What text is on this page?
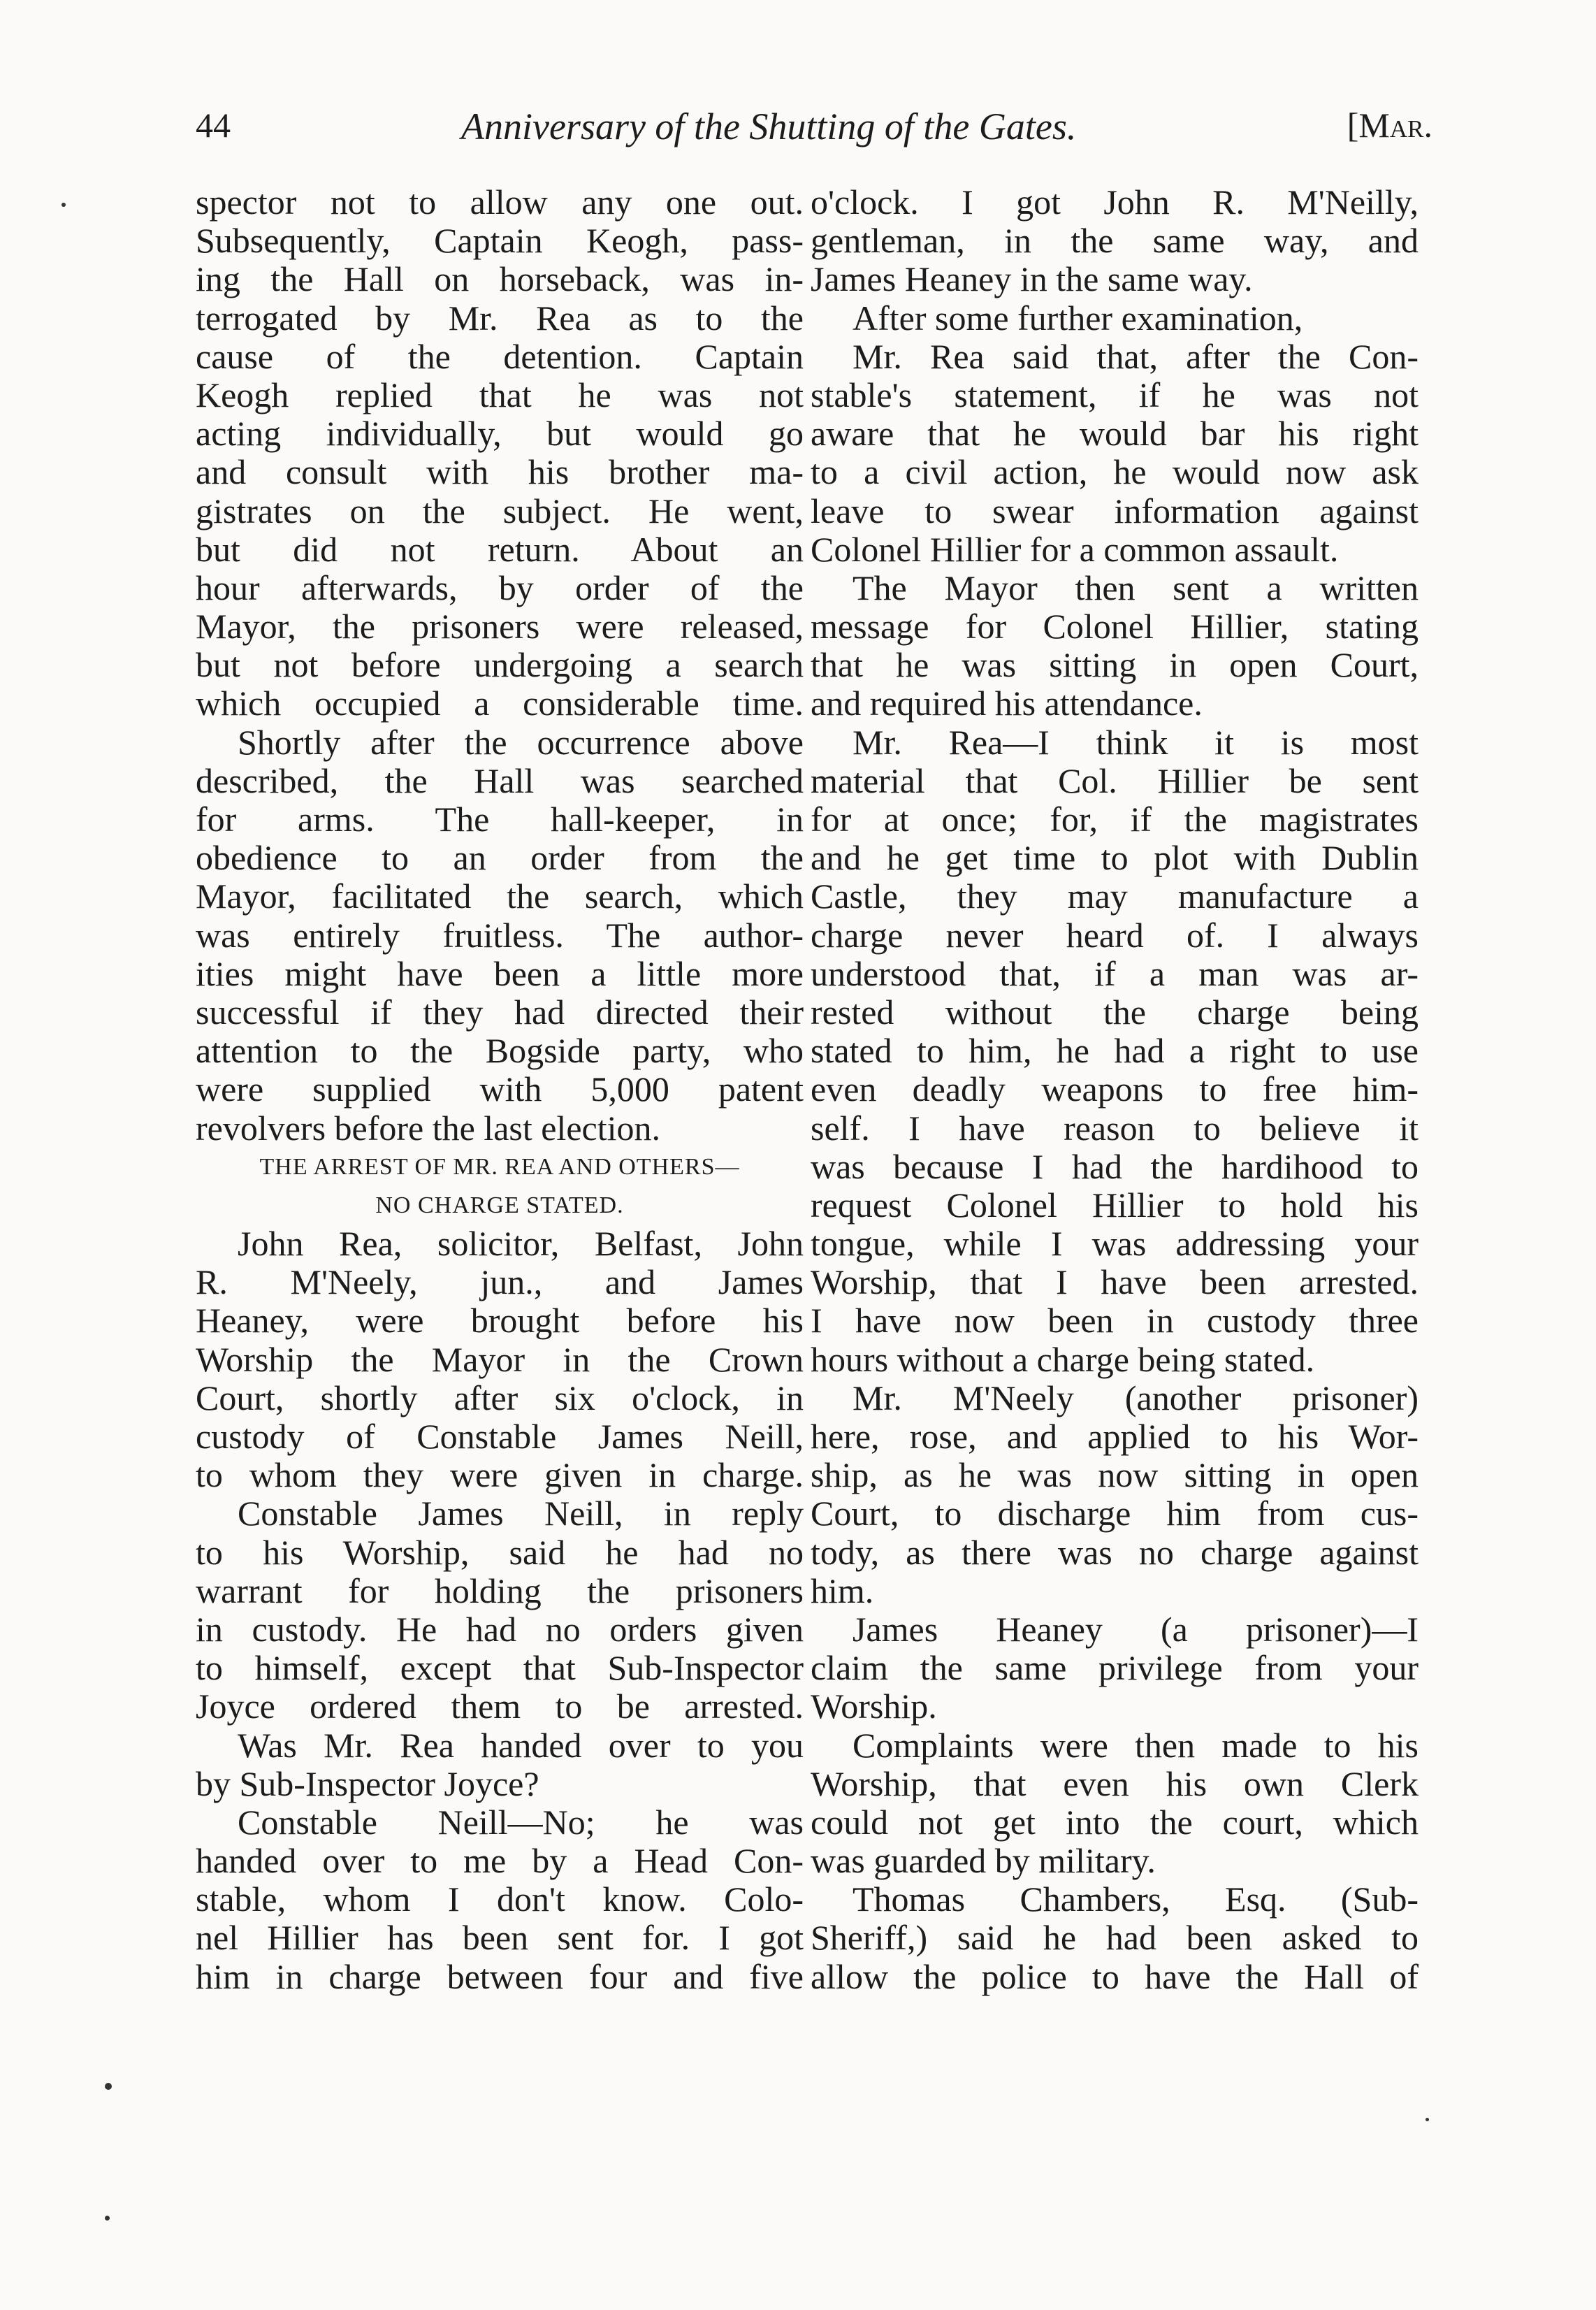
44	Anniversary of the Shutting of the Gates.	[Mar.
spector not to allow any one out.
Subsequently, Captain Keogh, pass-
ing the Hall on horseback, was in-
terrogated by Mr. Rea as to the
cause of the detention. Captain
Keogh replied that he was not
acting individually, but would go
and consult with his brother ma-
gistrates on the subject. He went,
but did not return. About an
hour afterwards, by order of the
Mayor, the prisoners were released,
but not before undergoing a search
which occupied a considerable time.
Shortly after the occurrence above
described, the Hall was searched
for arms. The hall-keeper, in
obedience to an order from the
Mayor, facilitated the search, which
was entirely fruitless. The author-
ities might have been a little more
successful if they had directed their
attention to the Bogside party, who
were supplied with 5,000 patent
revolvers before the last election.
THE ARREST OF MR. REA AND OTHERS—
NO CHARGE STATED.
John Rea, solicitor, Belfast, John
R. M'Neely, jun., and James
Heaney, were brought before his
Worship the Mayor in the Crown
Court, shortly after six o'clock, in
custody of Constable James Neill,
to whom they were given in charge.
Constable James Neill, in reply
to his Worship, said he had no
warrant for holding the prisoners
in custody. He had no orders given
to himself, except that Sub-Inspector
Joyce ordered them to be arrested.
Was Mr. Rea handed over to you
by Sub-Inspector Joyce?
Constable Neill—No; he was
handed over to me by a Head Con-
stable, whom I don't know. Colo-
nel Hillier has been sent for. I got
him in charge between four and five
o'clock. I got John R. M'Neilly,
gentleman, in the same way, and
James Heaney in the same way.
After some further examination,
Mr. Rea said that, after the Con-
stable's statement, if he was not
aware that he would bar his right
to a civil action, he would now ask
leave to swear information against
Colonel Hillier for a common assault.
The Mayor then sent a written
message for Colonel Hillier, stating
that he was sitting in open Court,
and required his attendance.
Mr. Rea—I think it is most
material that Col. Hillier be sent
for at once; for, if the magistrates
and he get time to plot with Dublin
Castle, they may manufacture a
charge never heard of. I always
understood that, if a man was ar-
rested without the charge being
stated to him, he had a right to use
even deadly weapons to free him-
self. I have reason to believe it
was because I had the hardihood to
request Colonel Hillier to hold his
tongue, while I was addressing your
Worship, that I have been arrested.
I have now been in custody three
hours without a charge being stated.
Mr. M'Neely (another prisoner)
here, rose, and applied to his Wor-
ship, as he was now sitting in open
Court, to discharge him from cus-
tody, as there was no charge against
him.
James Heaney (a prisoner)—I
claim the same privilege from your
Worship.
Complaints were then made to his
Worship, that even his own Clerk
could not get into the court, which
was guarded by military.
Thomas Chambers, Esq. (Sub-
Sheriff,) said he had been asked to
allow the police to have the Hall of
